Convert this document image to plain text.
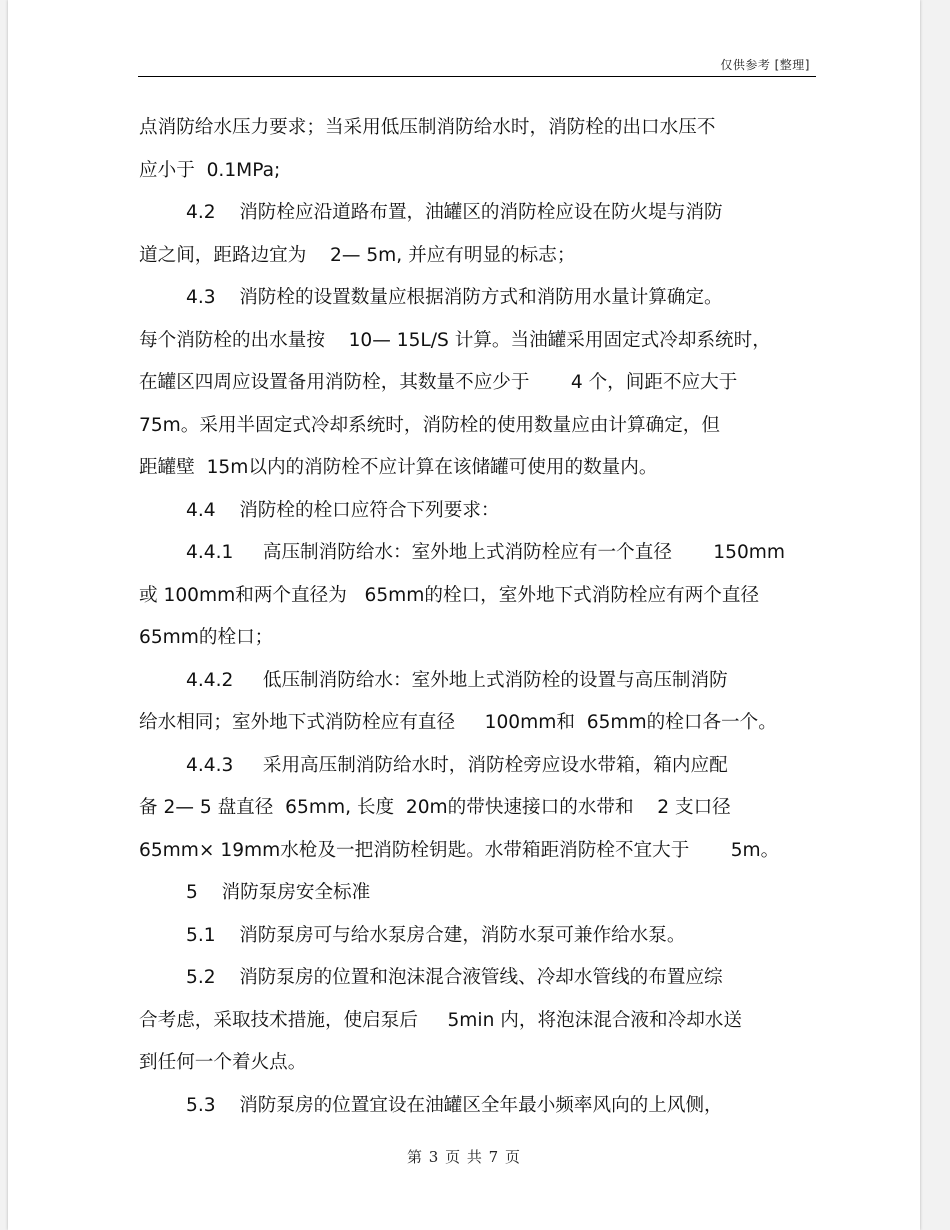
仅供参考 [整理]
点消防给水压力要求；当采用低压制消防给水时，消防栓的出口水压不
应小于  0.1MPa;
4.2    消防栓应沿道路布置，油罐区的消防栓应设在防火堤与消防
道之间，距路边宜为    2— 5m, 并应有明显的标志；
4.3    消防栓的设置数量应根据消防方式和消防用水量计算确定。
每个消防栓的出水量按    10— 15L/S 计算。当油罐采用固定式冷却系统时，
在罐区四周应设置备用消防栓，其数量不应少于       4 个，间距不应大于
75m。采用半固定式冷却系统时，消防栓的使用数量应由计算确定，但
距罐壁  15m以内的消防栓不应计算在该储罐可使用的数量内。
4.4    消防栓的栓口应符合下列要求：
4.4.1     高压制消防给水：室外地上式消防栓应有一个直径       150mm
或 100mm和两个直径为   65mm的栓口，室外地下式消防栓应有两个直径
65mm的栓口；
4.4.2     低压制消防给水：室外地上式消防栓的设置与高压制消防
给水相同；室外地下式消防栓应有直径     100mm和  65mm的栓口各一个。
4.4.3     采用高压制消防给水时，消防栓旁应设水带箱，箱内应配
备 2— 5 盘直径  65mm, 长度  20m的带快速接口的水带和    2 支口径
65mm× 19mm水枪及一把消防栓钥匙。水带箱距消防栓不宜大于       5m。
5    消防泵房安全标准
5.1    消防泵房可与给水泵房合建，消防水泵可兼作给水泵。
5.2    消防泵房的位置和泡沫混合液管线、冷却水管线的布置应综
合考虑，采取技术措施，使启泵后     5min 内，将泡沫混合液和冷却水送
到任何一个着火点。
5.3    消防泵房的位置宜设在油罐区全年最小频率风向的上风侧，
第 3 页 共 7 页
